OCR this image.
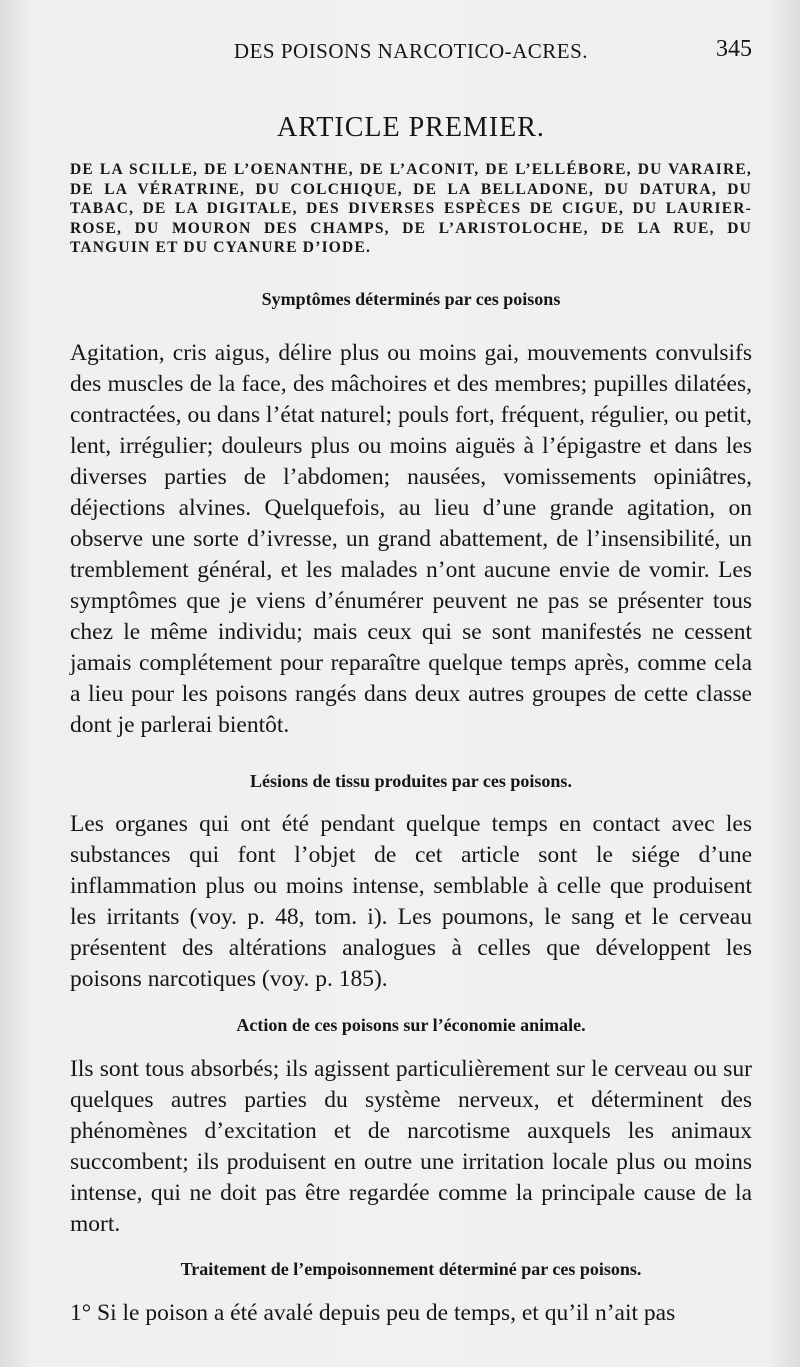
DES POISONS NARCOTICO-ACRES.	345
ARTICLE PREMIER.

DE LA SCILLE, DE L’OENANTHE, DE L’ACONIT, DE L’ELLÉBORE, DU VARAIRE, DE LA VÉRATRINE, DU COLCHIQUE, DE LA BELLADONE, DU DATURA, DU TABAC, DE LA DIGITALE, DES DIVERSES ESPÈCES DE CIGUE, DU LAURIER-ROSE, DU MOURON DES CHAMPS, DE L’ARISTOLOCHE, DE LA RUE, DU TANGUIN ET DU CYANURE D’IODE.

Symptômes déterminés par ces poisons

Agitation, cris aigus, délire plus ou moins gai, mouvements convulsifs des muscles de la face, des mâchoires et des membres; pupilles dilatées, contractées, ou dans l’état naturel; pouls fort, fréquent, régulier, ou petit, lent, irrégulier; douleurs plus ou moins aiguës à l’épigastre et dans les diverses parties de l’abdomen; nausées, vomissements opiniâtres, déjections alvines. Quelquefois, au lieu d’une grande agitation, on observe une sorte d’ivresse, un grand abattement, de l’insensibilité, un tremblement général, et les malades n’ont aucune envie de vomir. Les symptômes que je viens d’énumérer peuvent ne pas se présenter tous chez le même individu; mais ceux qui se sont manifestés ne cessent jamais complétement pour reparaître quelque temps après, comme cela a lieu pour les poisons rangés dans deux autres groupes de cette classe dont je parlerai bientôt.

Lésions de tissu produites par ces poisons.

Les organes qui ont été pendant quelque temps en contact avec les substances qui font l’objet de cet article sont le siége d’une inflammation plus ou moins intense, semblable à celle que produisent les irritants (voy. p. 48, tom. i). Les poumons, le sang et le cerveau présentent des altérations analogues à celles que développent les poisons narcotiques (voy. p. 185).

Action de ces poisons sur l’économie animale.

Ils sont tous absorbés; ils agissent particulièrement sur le cerveau ou sur quelques autres parties du système nerveux, et déterminent des phénomènes d’excitation et de narcotisme auxquels les animaux succombent; ils produisent en outre une irritation locale plus ou moins intense, qui ne doit pas être regardée comme la principale cause de la mort.

Traitement de l’empoisonnement déterminé par ces poisons.

1° Si le poison a été avalé depuis peu de temps, et qu’il n’ait pas
